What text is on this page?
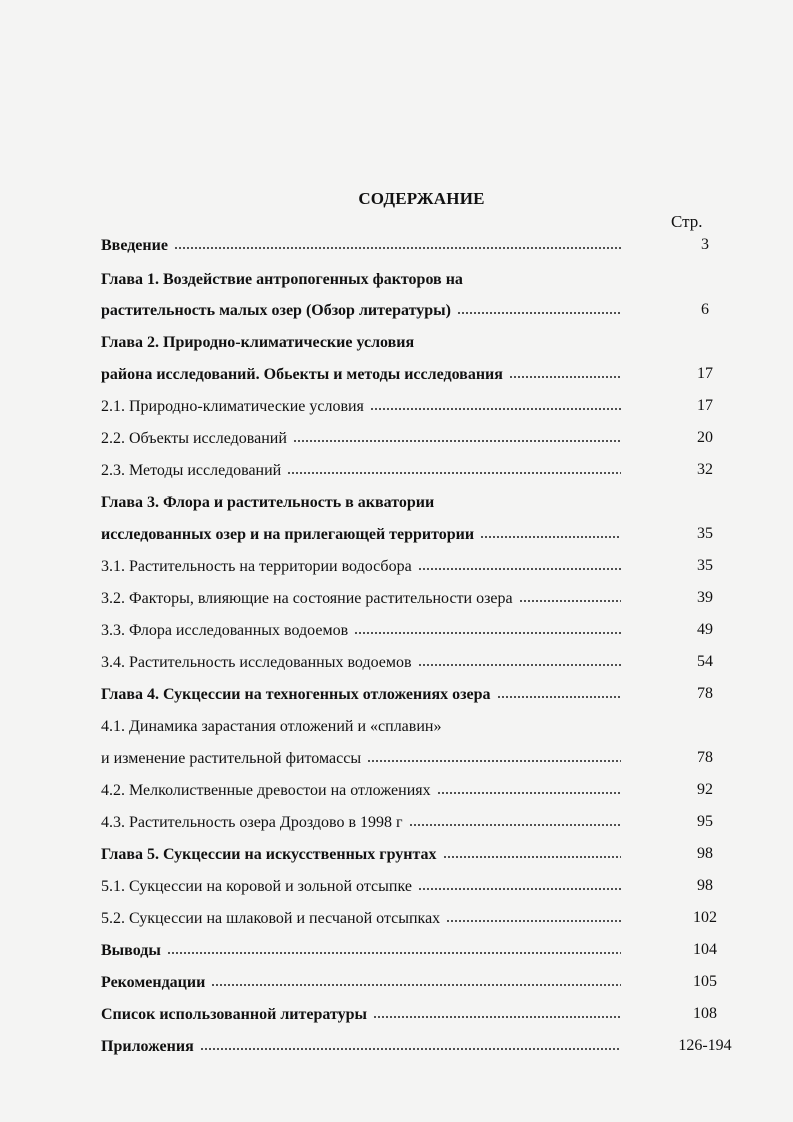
СОДЕРЖАНИЕ
Стр.
Введение	3
Глава 1. Воздействие антропогенных факторов на
растительность малых озер (Обзор литературы)	6
Глава 2. Природно-климатические условия
района исследований. Обьекты и методы исследования	17
2.1. Природно-климатические условия	17
2.2. Объекты исследований	20
2.3. Методы исследований	32
Глава 3. Флора и растительность в акватории
исследованных озер и на прилегающей территории	35
3.1. Растительность на территории водосбора	35
3.2. Факторы, влияющие на состояние растительности озера	39
3.3. Флора исследованных водоемов	49
3.4. Растительность исследованных водоемов	54
Глава 4. Сукцессии на техногенных отложениях озера	78
4.1. Динамика зарастания отложений и «сплавин»
и изменение растительной фитомассы	78
4.2. Мелколиственные древостои на отложениях	92
4.3. Растительность озера Дроздово в 1998 г	95
Глава 5. Сукцессии на искусственных грунтах	98
5.1. Сукцессии на коровой и зольной отсыпке	98
5.2. Сукцессии на шлаковой и песчаной отсыпках	102
Выводы	104
Рекомендации	105
Список использованной литературы	108
Приложения	126-194
